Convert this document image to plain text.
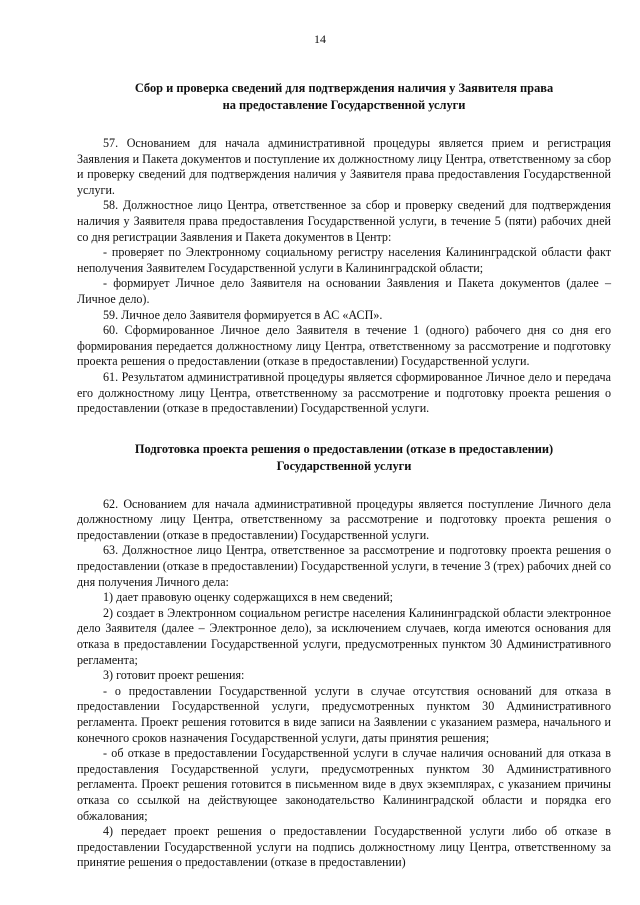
14
Сбор и проверка сведений для подтверждения наличия у Заявителя права
на предоставление Государственной услуги

57. Основанием для начала административной процедуры является прием и регистрация Заявления и Пакета документов и поступление их должностному лицу Центра, ответственному за сбор и проверку сведений для подтверждения наличия у Заявителя права предоставления Государственной услуги.

58. Должностное лицо Центра, ответственное за сбор и проверку сведений для подтверждения наличия у Заявителя права предоставления Государственной услуги, в течение 5 (пяти) рабочих дней со дня регистрации Заявления и Пакета документов в Центр:

- проверяет по Электронному социальному регистру населения Калининградской области факт неполучения Заявителем Государственной услуги в Калининградской области;

- формирует Личное дело Заявителя на основании Заявления и Пакета документов (далее – Личное дело).

59. Личное дело Заявителя формируется в АС «АСП».

60. Сформированное Личное дело Заявителя в течение 1 (одного) рабочего дня со дня его формирования передается должностному лицу Центра, ответственному за рассмотрение и подготовку проекта решения о предоставлении (отказе в предоставлении) Государственной услуги.

61. Результатом административной процедуры является сформированное Личное дело и передача его должностному лицу Центра, ответственному за рассмотрение и подготовку проекта решения о предоставлении (отказе в предоставлении) Государственной услуги.

Подготовка проекта решения о предоставлении (отказе в предоставлении)
Государственной услуги

62. Основанием для начала административной процедуры является поступление Личного дела должностному лицу Центра, ответственному за рассмотрение и подготовку проекта решения о предоставлении (отказе в предоставлении) Государственной услуги.

63. Должностное лицо Центра, ответственное за рассмотрение и подготовку проекта решения о предоставлении (отказе в предоставлении) Государственной услуги, в течение 3 (трех) рабочих дней со дня получения Личного дела:

1) дает правовую оценку содержащихся в нем сведений;

2) создает в Электронном социальном регистре населения Калининградской области электронное дело Заявителя (далее – Электронное дело), за исключением случаев, когда имеются основания для отказа в предоставлении Государственной услуги, предусмотренных пунктом 30 Административного регламента;

3) готовит проект решения:

- о предоставлении Государственной услуги в случае отсутствия оснований для отказа в предоставлении Государственной услуги, предусмотренных пунктом 30 Административного регламента. Проект решения готовится в виде записи на Заявлении с указанием размера, начального и конечного сроков назначения Государственной услуги, даты принятия решения;

- об отказе в предоставлении Государственной услуги в случае наличия оснований для отказа в предоставления Государственной услуги, предусмотренных пунктом 30 Административного регламента. Проект решения готовится в письменном виде в двух экземплярах, с указанием причины отказа со ссылкой на действующее законодательство Калининградской области и порядка его обжалования;

4) передает проект решения о предоставлении Государственной услуги либо об отказе в предоставлении Государственной услуги на подпись должностному лицу Центра, ответственному за принятие решения о предоставлении (отказе в предоставлении)
